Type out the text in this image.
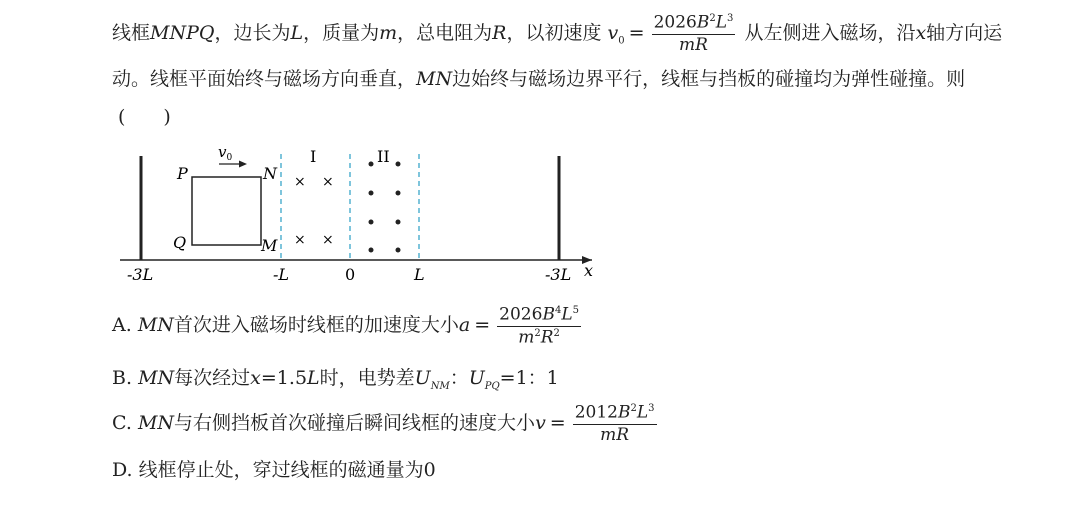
线框MNPQ，边长为L，质量为m，总电阻为R，以初速度 $v_0 = \frac{2026B^2L^3}{mR}$ 从左侧进入磁场，沿x轴方向运
动。线框平面始终与磁场方向垂直，MN边始终与磁场边界平行，线框与挡板的碰撞均为弹性碰撞。则
(　　)
$v_0$
P	N
Q	M
I	II
× ×
× ×
-3L	-L	0	L	-3L x
A. MN首次进入磁场时线框的加速度大小$a = \frac{2026B^4L^5}{m^2R^2}$
B. MN每次经过x=1.5L时，电势差$U_{NM}$：$U_{PQ}=1$：1
C. MN与右侧挡板首次碰撞后瞬间线框的速度大小$v = \frac{2012B^2L^3}{mR}$
D. 线框停止处，穿过线框的磁通量为0
